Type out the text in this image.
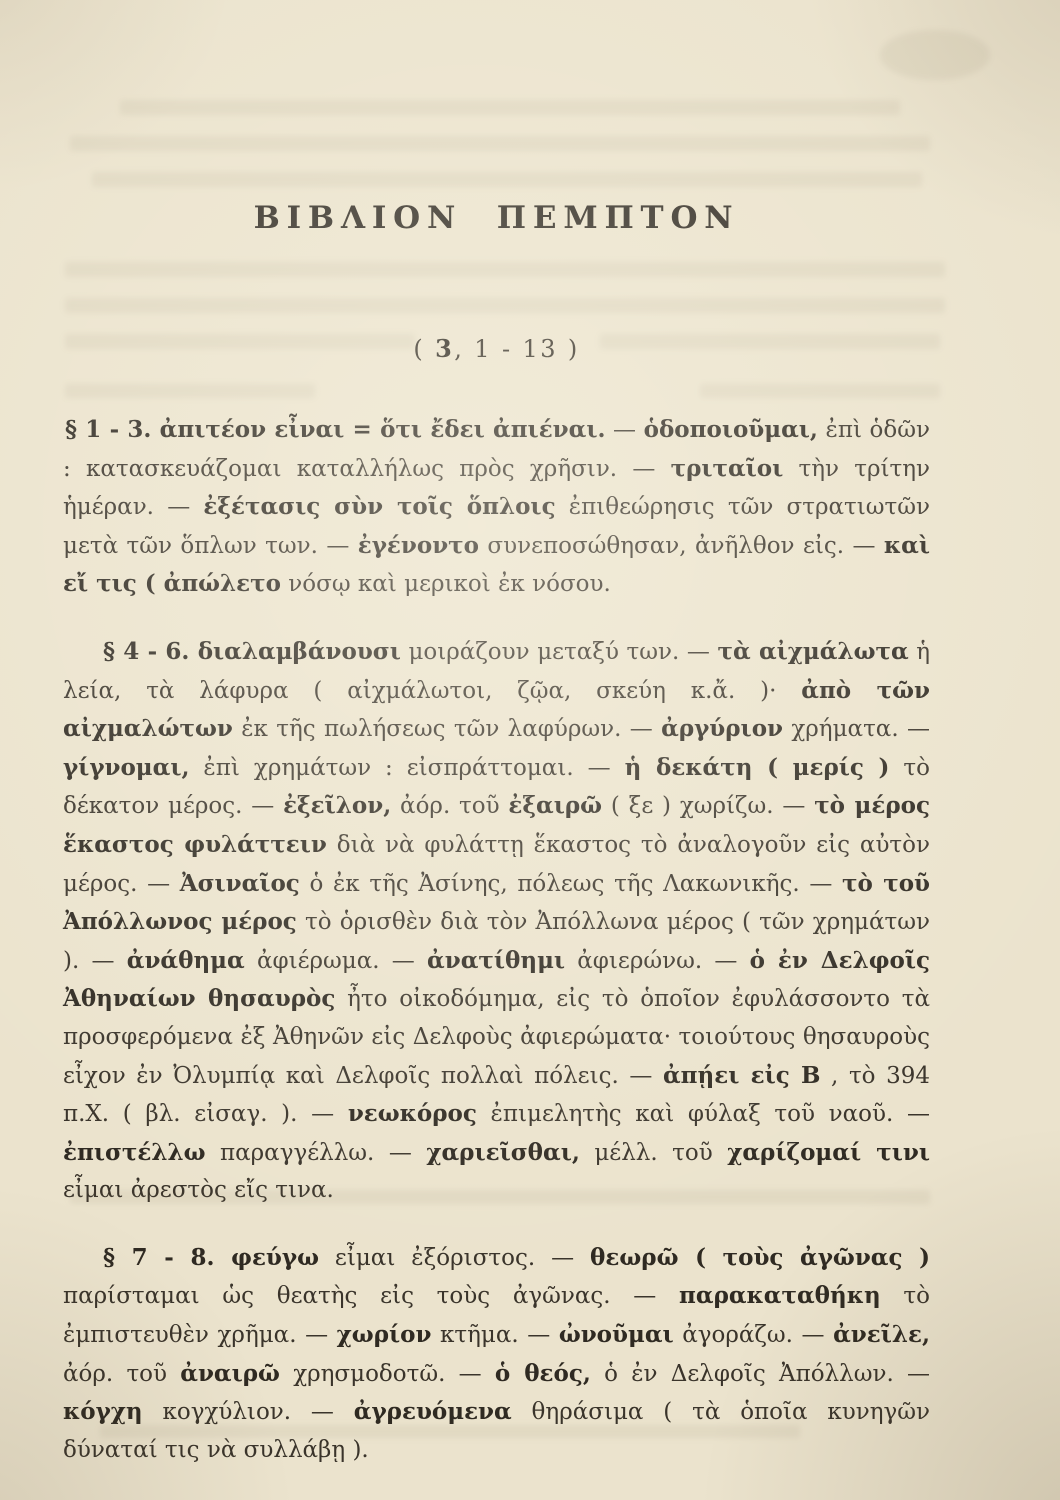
ΒΙΒΛΙΟΝ ΠΕΜΠΤΟΝ
( 3, 1 - 13 )

§ 1 - 3. ἀπιτέον εἶναι = ὅτι ἔδει ἀπιέναι. — ὁδοποιοῦμαι, ἐπὶ ὁδῶν : κατασκευάζομαι καταλλήλως πρὸς χρῆσιν. — τριταῖοι τὴν τρίτην ἡμέραν. — ἐξέτασις σὺν τοῖς ὅπλοις ἐπιθεώρησις τῶν στρατιωτῶν μετὰ τῶν ὅπλων των. — ἐγένοντο συνεποσώθησαν, ἀνῆλθον εἰς. — καὶ εἴ τις ( ἀπώλετο νόσῳ καὶ μερικοὶ ἐκ νόσου.

§ 4 - 6. διαλαμβάνουσι μοιράζουν μεταξύ των. — τὰ αἰχμάλωτα ἡ λεία, τὰ λάφυρα ( αἰχμάλωτοι, ζῷα, σκεύη κ.ἄ. )· ἀπὸ τῶν αἰχμαλώτων ἐκ τῆς πωλήσεως τῶν λαφύρων. — ἀργύριον χρήματα. — γίγνομαι, ἐπὶ χρημάτων : εἰσπράττομαι. — ἡ δεκάτη ( μερίς ) τὸ δέκατον μέρος. — ἐξεῖλον, ἀόρ. τοῦ ἐξαιρῶ ( ξε ) χωρίζω. — τὸ μέρος ἕκαστος φυλάττειν διὰ νὰ φυλάττῃ ἕκαστος τὸ ἀναλογοῦν εἰς αὐτὸν μέρος. — Ἀσιναῖος ὁ ἐκ τῆς Ἀσίνης, πόλεως τῆς Λακωνικῆς. — τὸ τοῦ Ἀπόλλωνος μέρος τὸ ὁρισθὲν διὰ τὸν Ἀπόλλωνα μέρος ( τῶν χρημάτων ). — ἀνάθημα ἀφιέρωμα. — ἀνατίθημι ἀφιερώνω. — ὁ ἐν Δελφοῖς Ἀθηναίων θησαυρὸς ἦτο οἰκοδόμημα, εἰς τὸ ὁποῖον ἐφυλάσσοντο τὰ προσφερόμενα ἐξ Ἀθηνῶν εἰς Δελφοὺς ἀφιερώματα· τοιούτους θησαυροὺς εἶχον ἐν Ὀλυμπίᾳ καὶ Δελφοῖς πολλαὶ πόλεις. — ἀπῄει εἰς Β , τὸ 394 π.Χ. ( βλ. εἰσαγ. ). — νεωκόρος ἐπιμελητὴς καὶ φύλαξ τοῦ ναοῦ. — ἐπιστέλλω παραγγέλλω. — χαριεῖσθαι, μέλλ. τοῦ χαρίζομαί τινι εἶμαι ἀρεστὸς εἴς τινα.

§ 7 - 8. φεύγω εἶμαι ἐξόριστος. — θεωρῶ ( τοὺς ἀγῶνας ) παρίσταμαι ὡς θεατὴς εἰς τοὺς ἀγῶνας. — παρακαταθήκη τὸ ἐμπιστευθὲν χρῆμα. — χωρίον κτῆμα. — ὠνοῦμαι ἀγοράζω. — ἀνεῖλε, ἀόρ. τοῦ ἀναιρῶ χρησμοδοτῶ. — ὁ θεός, ὁ ἐν Δελφοῖς Ἀπόλλων. — κόγχη κογχύλιον. — ἀγρευόμενα θηράσιμα ( τὰ ὁποῖα κυνηγῶν δύναταί τις νὰ συλλάβῃ ).
